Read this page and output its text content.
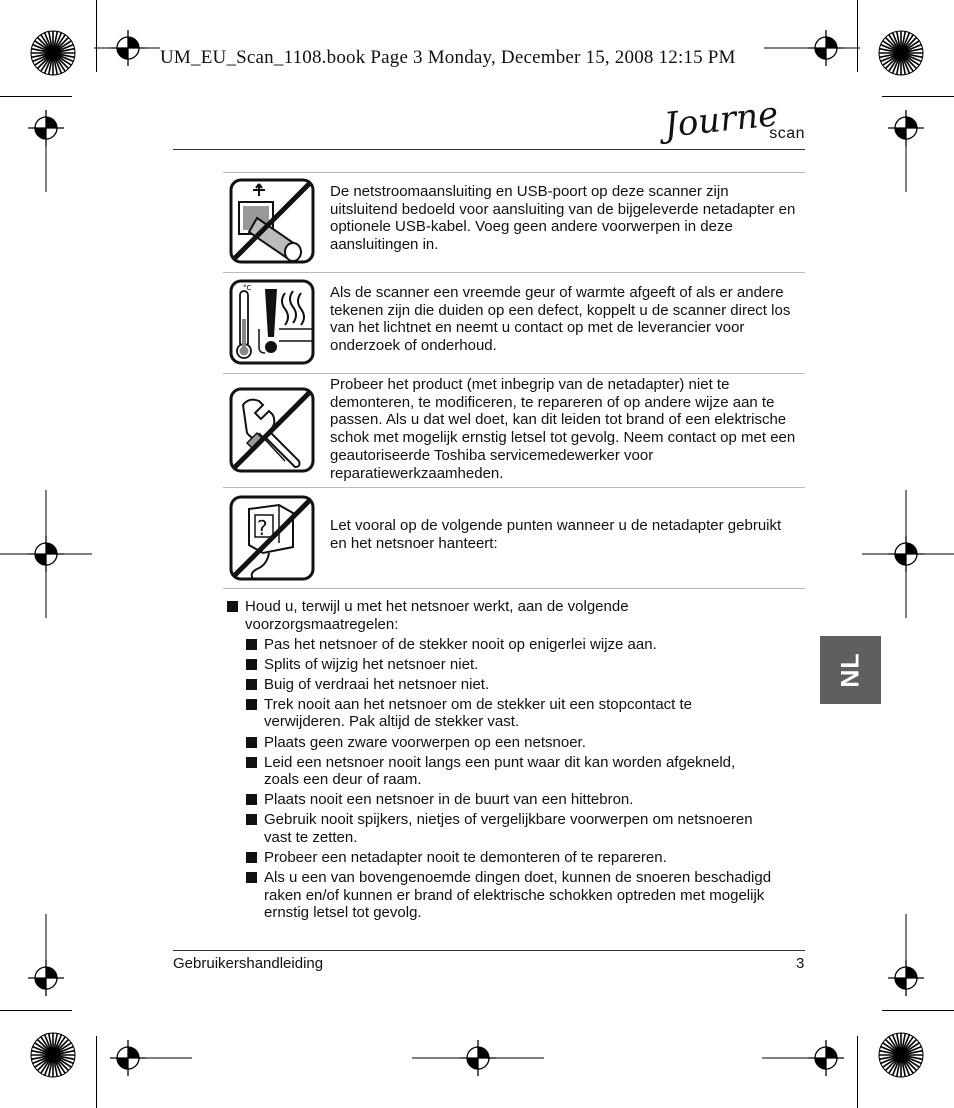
UM_EU_Scan_1108.book Page 3 Monday, December 15, 2008 12:15 PM
Journe
scan
NL
De netstroomaansluiting en USB-poort op deze scanner zijn uitsluitend bedoeld voor aansluiting van de bijgeleverde netadapter en optionele USB-kabel. Voeg geen andere voorwerpen in deze aansluitingen in.
°C	Als de scanner een vreemde geur of warmte afgeeft of als er andere tekenen zijn die duiden op een defect, koppelt u de scanner direct los van het lichtnet en neemt u contact op met de leverancier voor onderzoek of onderhoud.
Probeer het product (met inbegrip van de netadapter) niet te demonteren, te modificeren, te repareren of op andere wijze aan te passen. Als u dat wel doet, kan dit leiden tot brand of een elektrische schok met mogelijk ernstig letsel tot gevolg. Neem contact op met een geautoriseerde Toshiba servicemedewerker voor reparatiewerkzaamheden.
?	Let vooral op de volgende punten wanneer u de netadapter gebruikt en het netsnoer hanteert:
Houd u, terwijl u met het netsnoer werkt, aan de volgende
voorzorgsmaatregelen:
Pas het netsnoer of de stekker nooit op enigerlei wijze aan.
Splits of wijzig het netsnoer niet.
Buig of verdraai het netsnoer niet.
Trek nooit aan het netsnoer om de stekker uit een stopcontact te
verwijderen. Pak altijd de stekker vast.
Plaats geen zware voorwerpen op een netsnoer.
Leid een netsnoer nooit langs een punt waar dit kan worden afgekneld,
zoals een deur of raam.
Plaats nooit een netsnoer in de buurt van een hittebron.
Gebruik nooit spijkers, nietjes of vergelijkbare voorwerpen om netsnoeren
vast te zetten.
Probeer een netadapter nooit te demonteren of te repareren.
Als u een van bovengenoemde dingen doet, kunnen de snoeren beschadigd
raken en/of kunnen er brand of elektrische schokken optreden met mogelijk
ernstig letsel tot gevolg.
Gebruikershandleiding	3
